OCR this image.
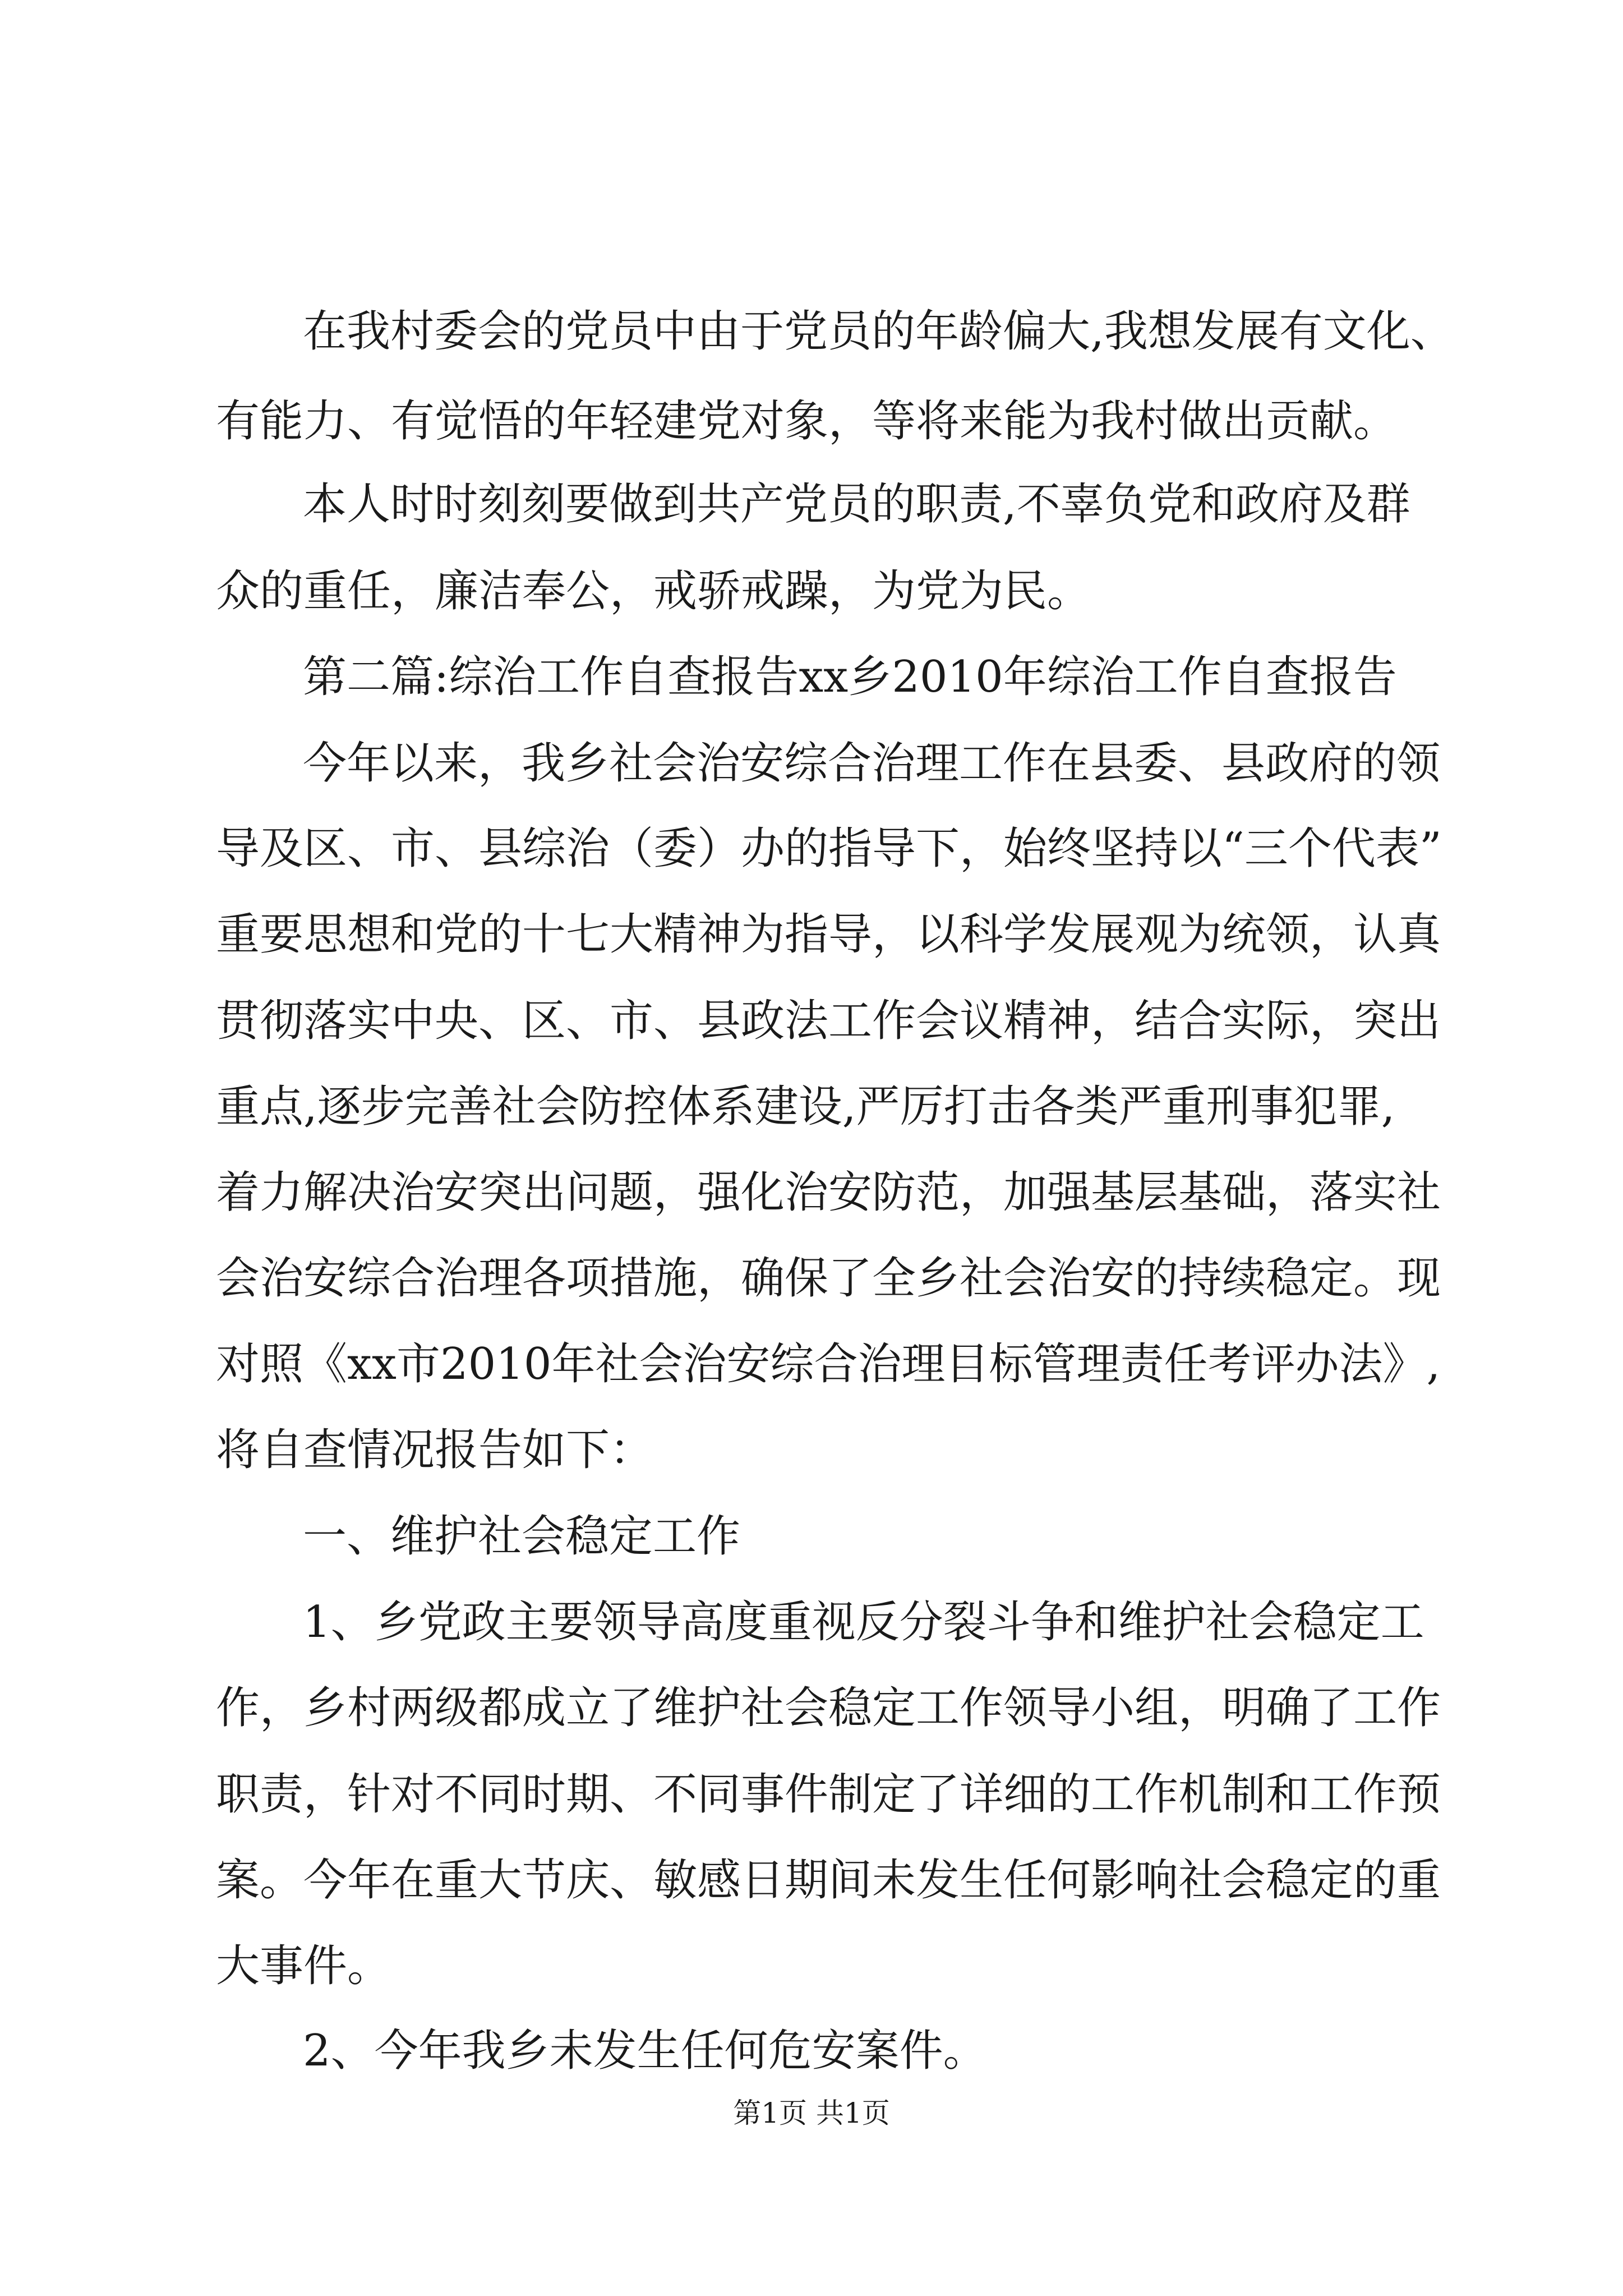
在我村委会的党员中由于党员的年龄偏大,我想发展有文化、

有能力、有觉悟的年轻建党对象，等将来能为我村做出贡献。

本人时时刻刻要做到共产党员的职责,不辜负党和政府及群

众的重任，廉洁奉公，戒骄戒躁，为党为民。

第二篇:综治工作自查报告xx乡2010年综治工作自查报告

今年以来，我乡社会治安综合治理工作在县委、县政府的领

导及区、市、县综治（委）办的指导下，始终坚持以“三个代表”

重要思想和党的十七大精神为指导，以科学发展观为统领，认真

贯彻落实中央、区、市、县政法工作会议精神，结合实际，突出

重点,逐步完善社会防控体系建设,严厉打击各类严重刑事犯罪,

着力解决治安突出问题，强化治安防范，加强基层基础，落实社

会治安综合治理各项措施，确保了全乡社会治安的持续稳定。现

对照《xx市2010年社会治安综合治理目标管理责任考评办法》,

将自查情况报告如下：

一、维护社会稳定工作

1、乡党政主要领导高度重视反分裂斗争和维护社会稳定工

作，乡村两级都成立了维护社会稳定工作领导小组，明确了工作

职责，针对不同时期、不同事件制定了详细的工作机制和工作预

案。今年在重大节庆、敏感日期间未发生任何影响社会稳定的重

大事件。

2、今年我乡未发生任何危安案件。

第1页 共1页
